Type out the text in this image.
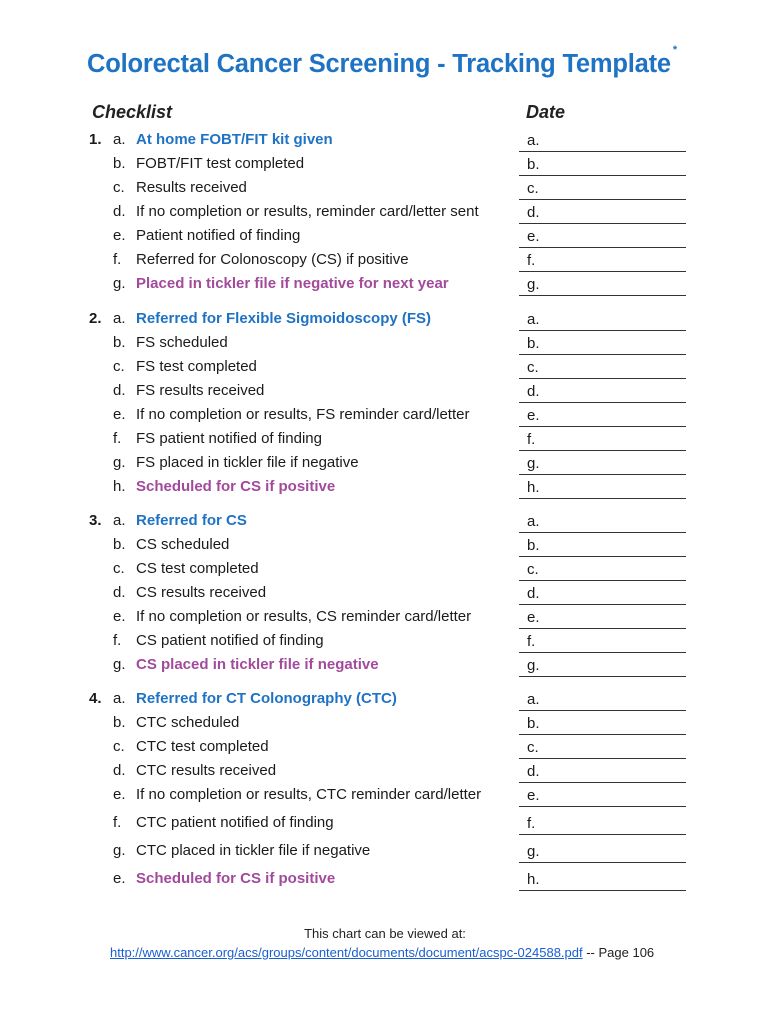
Colorectal Cancer Screening - Tracking Template *
Checklist	Date
1. a. At home FOBT/FIT kit given	a.
b. FOBT/FIT test completed	b.
c. Results received	c.
d. If no completion or results, reminder card/letter sent	d.
e. Patient notified of finding	e.
f. Referred for Colonoscopy (CS) if positive	f.
g. Placed in tickler file if negative for next year	g.
2. a. Referred for Flexible Sigmoidoscopy (FS)	a.
b. FS scheduled	b.
c. FS test completed	c.
d. FS results received	d.
e. If no completion or results, FS reminder card/letter	e.
f. FS patient notified of finding	f.
g. FS placed in tickler file if negative	g.
h. Scheduled for CS if positive	h.
3. a. Referred for CS	a.
b. CS scheduled	b.
c. CS test completed	c.
d. CS results received	d.
e. If no completion or results, CS reminder card/letter	e.
f. CS patient notified of finding	f.
g. CS placed in tickler file if negative	g.
4. a. Referred for CT Colonography (CTC)	a.
b. CTC scheduled	b.
c. CTC test completed	c.
d. CTC results received	d.
e. If no completion or results, CTC reminder card/letter	e.
f. CTC patient notified of finding	f.
g. CTC placed in tickler file if negative	g.
e. Scheduled for CS if positive	h.
This chart can be viewed at:
http://www.cancer.org/acs/groups/content/documents/document/acspc-024588.pdf -- Page 106
